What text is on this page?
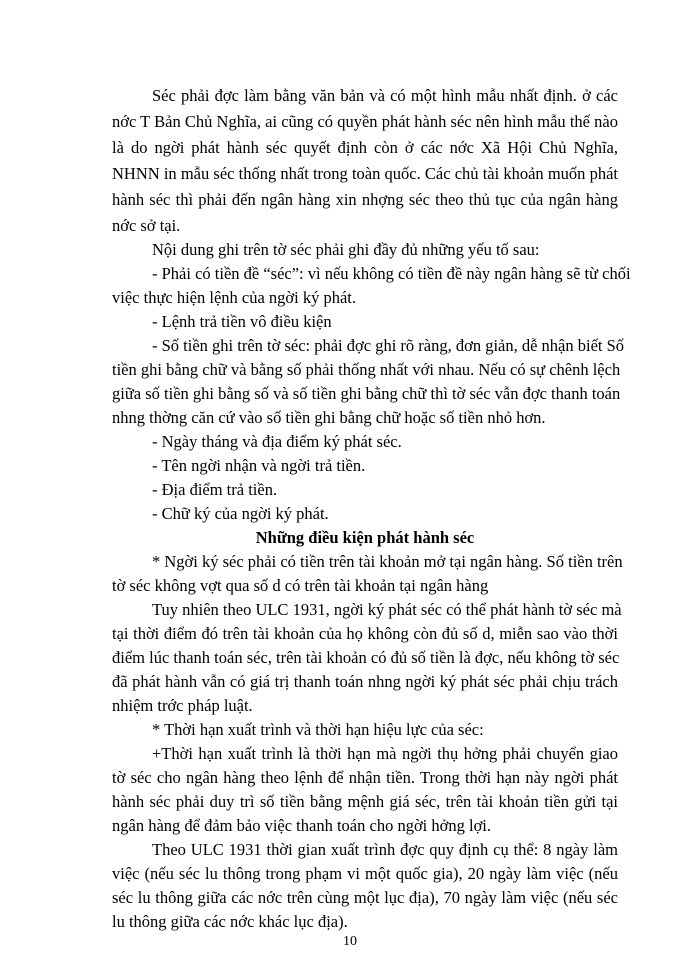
10
Séc phải đợc làm bằng văn bản và có một hình mẫu nhất định. ở các
nớc T Bản Chủ Nghĩa, ai cũng có quyền phát hành séc nên hình mẫu thế nào
là do ngời phát hành séc quyết định còn ở các nớc Xã Hội Chủ Nghĩa,
NHNN in mẫu séc thống nhất trong toàn quốc. Các chủ tài khoản muốn phát
hành séc thì phải đến ngân hàng xin nhợng séc theo thủ tục của ngân hàng
nớc sở tại.
Nội dung ghi trên tờ séc phải ghi đầy đủ những yếu tố sau:
- Phải có tiền đề “séc”: vì nếu không có tiền đề này ngân hàng sẽ từ chối
việc thực hiện lệnh của ngời ký phát.
- Lệnh trả tiền vô điều kiện
- Số tiền ghi trên tờ séc: phải đợc ghi rõ ràng, đơn giản, dễ nhận biết Số
tiền ghi bằng chữ và bằng số phải thống nhất với nhau. Nếu có sự chênh lệch
giữa số tiền ghi bằng số và số tiền ghi bằng chữ thì tờ séc vẫn đợc thanh toán
nhng thờng căn cứ vào số tiền ghi bằng chữ hoặc số tiền nhỏ hơn.
- Ngày tháng và địa điểm ký phát séc.
- Tên ngời nhận và ngời trả tiền.
- Địa điểm trả tiền.
- Chữ ký của ngời ký phát.
Những điều kiện phát hành séc
* Ngời ký séc phải có tiền trên tài khoản mở tại ngân hàng. Số tiền trên
tờ séc không vợt qua số d có trên tài khoản tại ngân hàng
Tuy nhiên theo ULC 1931, ngời ký phát séc có thể phát hành tờ séc mà
tại thời điểm đó trên tài khoản của họ không còn đủ số d, miễn sao vào thời
điểm lúc thanh toán séc, trên tài khoản có đủ số tiền là đợc, nếu không tờ séc
đã phát hành vẫn có giá trị thanh toán nhng ngời ký phát séc phải chịu trách
nhiệm trớc pháp luật.
* Thời hạn xuất trình và thời hạn hiệu lực của séc:
+Thời hạn xuất trình là thời hạn mà ngời thụ hởng phải chuyển giao
tờ séc cho ngân hàng theo lệnh để nhận tiền. Trong thời hạn này ngời phát
hành séc phải duy trì số tiền bằng mệnh giá séc, trên tài khoản tiền gửi tại
ngân hàng để đảm bảo việc thanh toán cho ngời hởng lợi.
Theo ULC 1931 thời gian xuất trình đợc quy định cụ thể: 8 ngày làm
việc (nếu séc lu thông trong phạm vi một quốc gia), 20 ngày làm việc (nếu
séc lu thông giữa các nớc trên cùng một lục địa), 70 ngày làm việc (nếu séc
lu thông giữa các nớc khác lục địa).
